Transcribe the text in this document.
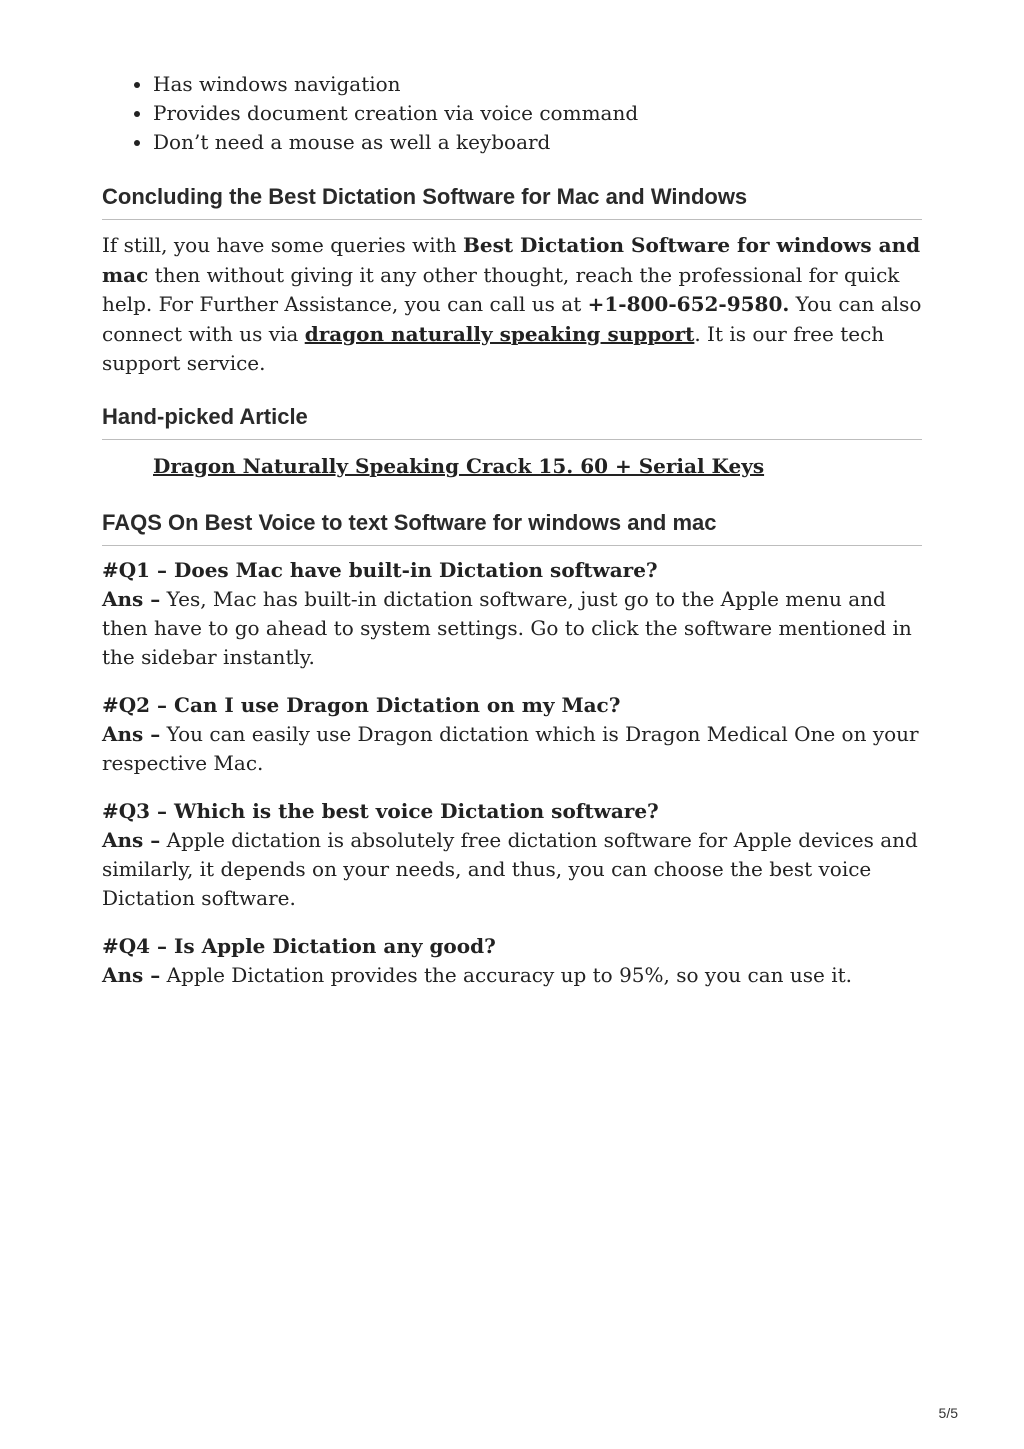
• Has windows navigation
• Provides document creation via voice command
• Don’t need a mouse as well a keyboard
Concluding the Best Dictation Software for Mac and Windows

If still, you have some queries with Best Dictation Software for windows and mac then without giving it any other thought, reach the professional for quick help. For Further Assistance, you can call us at +1-800-652-9580. You can also connect with us via dragon naturally speaking support. It is our free tech support service.

Hand-picked Article
Dragon Naturally Speaking Crack 15. 60 + Serial Keys
FAQS On Best Voice to text Software for windows and mac

#Q1 – Does Mac have built-in Dictation software?

Ans – Yes, Mac has built-in dictation software, just go to the Apple menu and then have to go ahead to system settings. Go to click the software mentioned in the sidebar instantly.

#Q2 – Can I use Dragon Dictation on my Mac?

Ans – You can easily use Dragon dictation which is Dragon Medical One on your respective Mac.

#Q3 – Which is the best voice Dictation software?

Ans – Apple dictation is absolutely free dictation software for Apple devices and similarly, it depends on your needs, and thus, you can choose the best voice Dictation software.

#Q4 – Is Apple Dictation any good?

Ans – Apple Dictation provides the accuracy up to 95%, so you can use it.

5/5
